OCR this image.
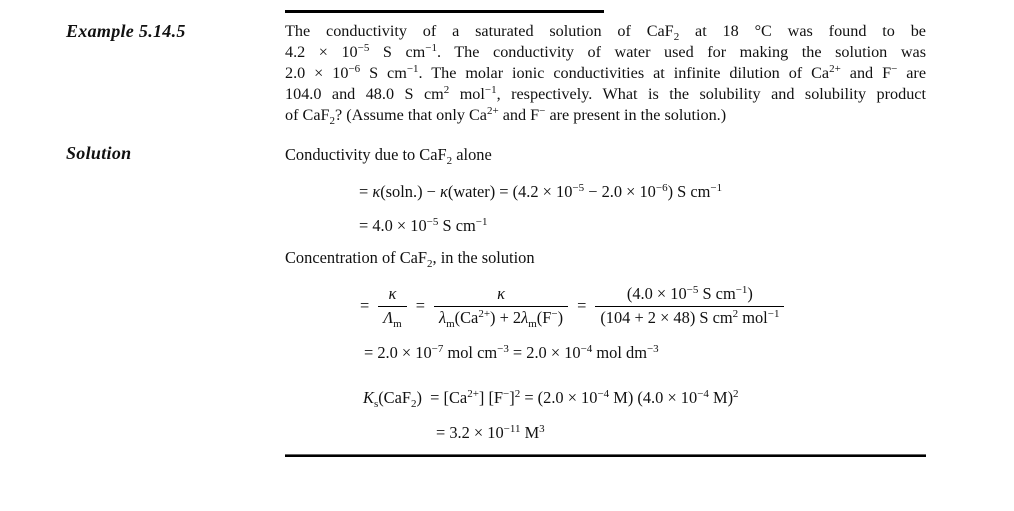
Example 5.14.5
Solution
The conductivity of a saturated solution of CaF$_2$ at 18 °C was found to be
$4.2 \times 10^{-5}$ S $cm^{-1}$. The conductivity of water used for making the solution was
$2.0 \times 10^{-6}$ S $cm^{-1}$. The molar ionic conductivities at infinite dilution of $Ca^{2+}$ and F− are
104.0 and 48.0 S $cm^2$ mol$^{-1}$, respectively. What is the solubility and solubility product
of CaF$_2$? (Assume that only $Ca^{2+}$ and F− are present in the solution.)
Conductivity due to CaF$_2$ alone
= κ(soln.) − κ(water) = $(4.2 \times 10^{-5} - 2.0 \times 10^{-6})$ S $cm^{-1}$
= $4.0 \times 10^{-5}$ S $cm^{-1}$
Concentration of CaF$_2$, in the solution
= $\frac{\kappa}{\Lambda_m} = \frac{\kappa}{\lambda_m(Ca^{2+}) + 2\lambda_m(F^-)} = \frac{(4.0 \times 10^{-5} S cm^{-1})}{(104 + 2 \times 48) S cm^2 mol^{-1}}$
= $2.0 \times 10^{-7}$ mol $cm^{-3} = 2.0 \times 10^{-4}$ mol $dm^{-3}$
$K_s(CaF_2)$ = $[Ca^{2+}] [F^-]^2 = (2.0 \times 10^{-4}$ M) ($4.0 \times 10^{-4}$ M)$^2$
= $3.2 \times 10^{-11}$ $M^3$
